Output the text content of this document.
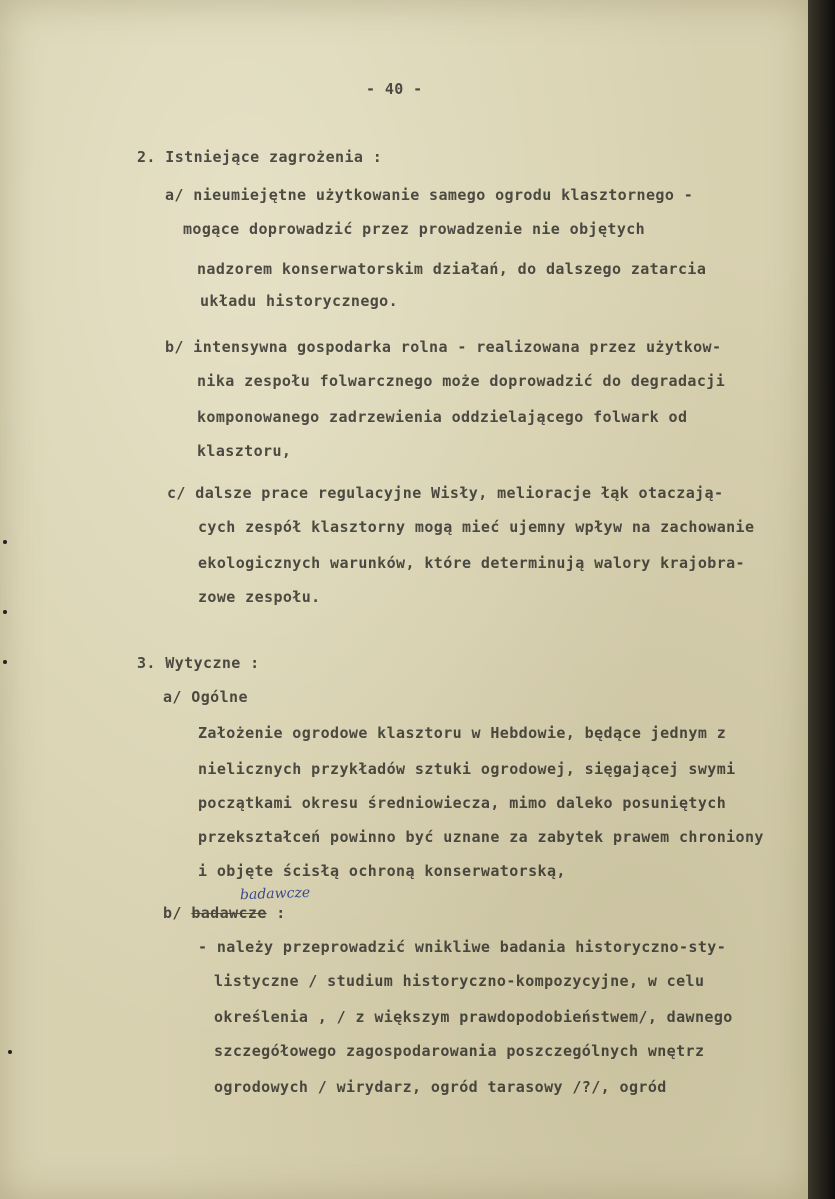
- 40 -
2. Istniejące zagrożenia :
a/ nieumiejętne użytkowanie samego ogrodu klasztornego -
mogące doprowadzić przez prowadzenie nie objętych
nadzorem konserwatorskim działań, do dalszego zatarcia
układu historycznego.
b/ intensywna gospodarka rolna - realizowana przez użytkow-
nika zespołu folwarcznego może doprowadzić do degradacji
komponowanego zadrzewienia oddzielającego folwark od
klasztoru,
c/ dalsze prace regulacyjne Wisły, melioracje łąk otaczają-
cych zespół klasztorny mogą mieć ujemny wpływ na zachowanie
ekologicznych warunków, które determinują walory krajobra-
zowe zespołu.
3. Wytyczne :
a/ Ogólne
Założenie ogrodowe klasztoru w Hebdowie, będące jednym z
nielicznych przykładów sztuki ogrodowej, sięgającej swymi
początkami okresu średniowiecza, mimo daleko posuniętych
przekształceń powinno być uznane za zabytek prawem chroniony
i objęte ścisłą ochroną konserwatorską,
badawcze
b/ badawcze :
- należy przeprowadzić wnikliwe badania historyczno-sty-
listyczne / studium historyczno-kompozycyjne, w celu
określenia , / z większym prawdopodobieństwem/, dawnego
szczegółowego zagospodarowania poszczególnych wnętrz
ogrodowych / wirydarz, ogród tarasowy /?/, ogród
